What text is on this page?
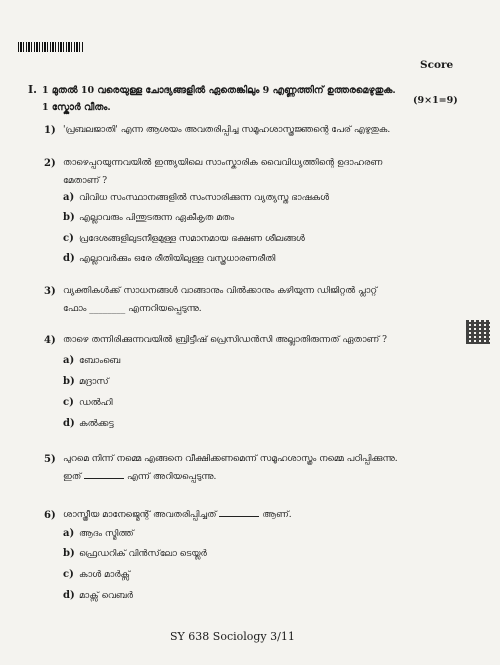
Score
I. 1 മുതൽ 10 വരെയുള്ള ചോദ്യങ്ങളിൽ ഏതെങ്കിലും 9 എണ്ണത്തിന് ഉത്തരമെഴുതുക.
1 സ്കോർ വീതം.
(9×1=9)
1) 'പ്രബലജാതി' എന്ന ആശയം അവതരിപ്പിച്ച സമൂഹശാസ്ത്രജ്ഞന്റെ പേര് എഴുതുക.
2) താഴെപ്പറയുന്നവയിൽ ഇന്ത്യയിലെ സാംസ്കാരിക വൈവിധ്യത്തിന്റെ ഉദാഹരണ
മേതാണ് ?
a) വിവിധ സംസ്ഥാനങ്ങളിൽ സംസാരിക്കുന്ന വ്യത്യസ്ത ഭാഷകൾ
b) എല്ലാവരും പിന്തുടരുന്ന ഏകീകൃത മതം
c) പ്രദേശങ്ങളിലുടനീളമുള്ള സമാനമായ ഭക്ഷണ ശീലങ്ങൾ
d) എല്ലാവർക്കും ഒരേ രീതിയിലുള്ള വസ്ത്രധാരണരീതി
3) വ്യക്തികൾക്ക് സാധനങ്ങൾ വാങ്ങാനും വിൽക്കാനും കഴിയുന്ന ഡിജിറ്റൽ പ്ലാറ്റ്
ഫോം ________ എന്നറിയപ്പെടുന്നു.
4) താഴെ തന്നിരിക്കുന്നവയിൽ ബ്രിട്ടീഷ് പ്രെസിഡൻസി അല്ലാതിരുന്നത് ഏതാണ് ?
a) ബോംബെ
b) മദ്രാസ്
c) ഡൽഹി
d) കൽക്കട്ട
5) പുറമെ നിന്ന് നമ്മെ എങ്ങനെ വീക്ഷിക്കണമെന്ന് സമൂഹശാസ്ത്രം നമ്മെ പഠിപ്പിക്കുന്നു.
ഇത്	എന്ന് അറിയപ്പെടുന്നു.
6) ശാസ്ത്രീയ മാനേജ്മെന്റ് അവതരിപ്പിച്ചത്	ആണ്.
a) ആദം സ്മിത്ത്
b) ഫ്രെഡറിക് വിൻസ്‌ലോ ടെയ്ലർ
c) കാൾ മാർക്സ്
d) മാക്സ് വെബർ
SY 638 Sociology 3/11
